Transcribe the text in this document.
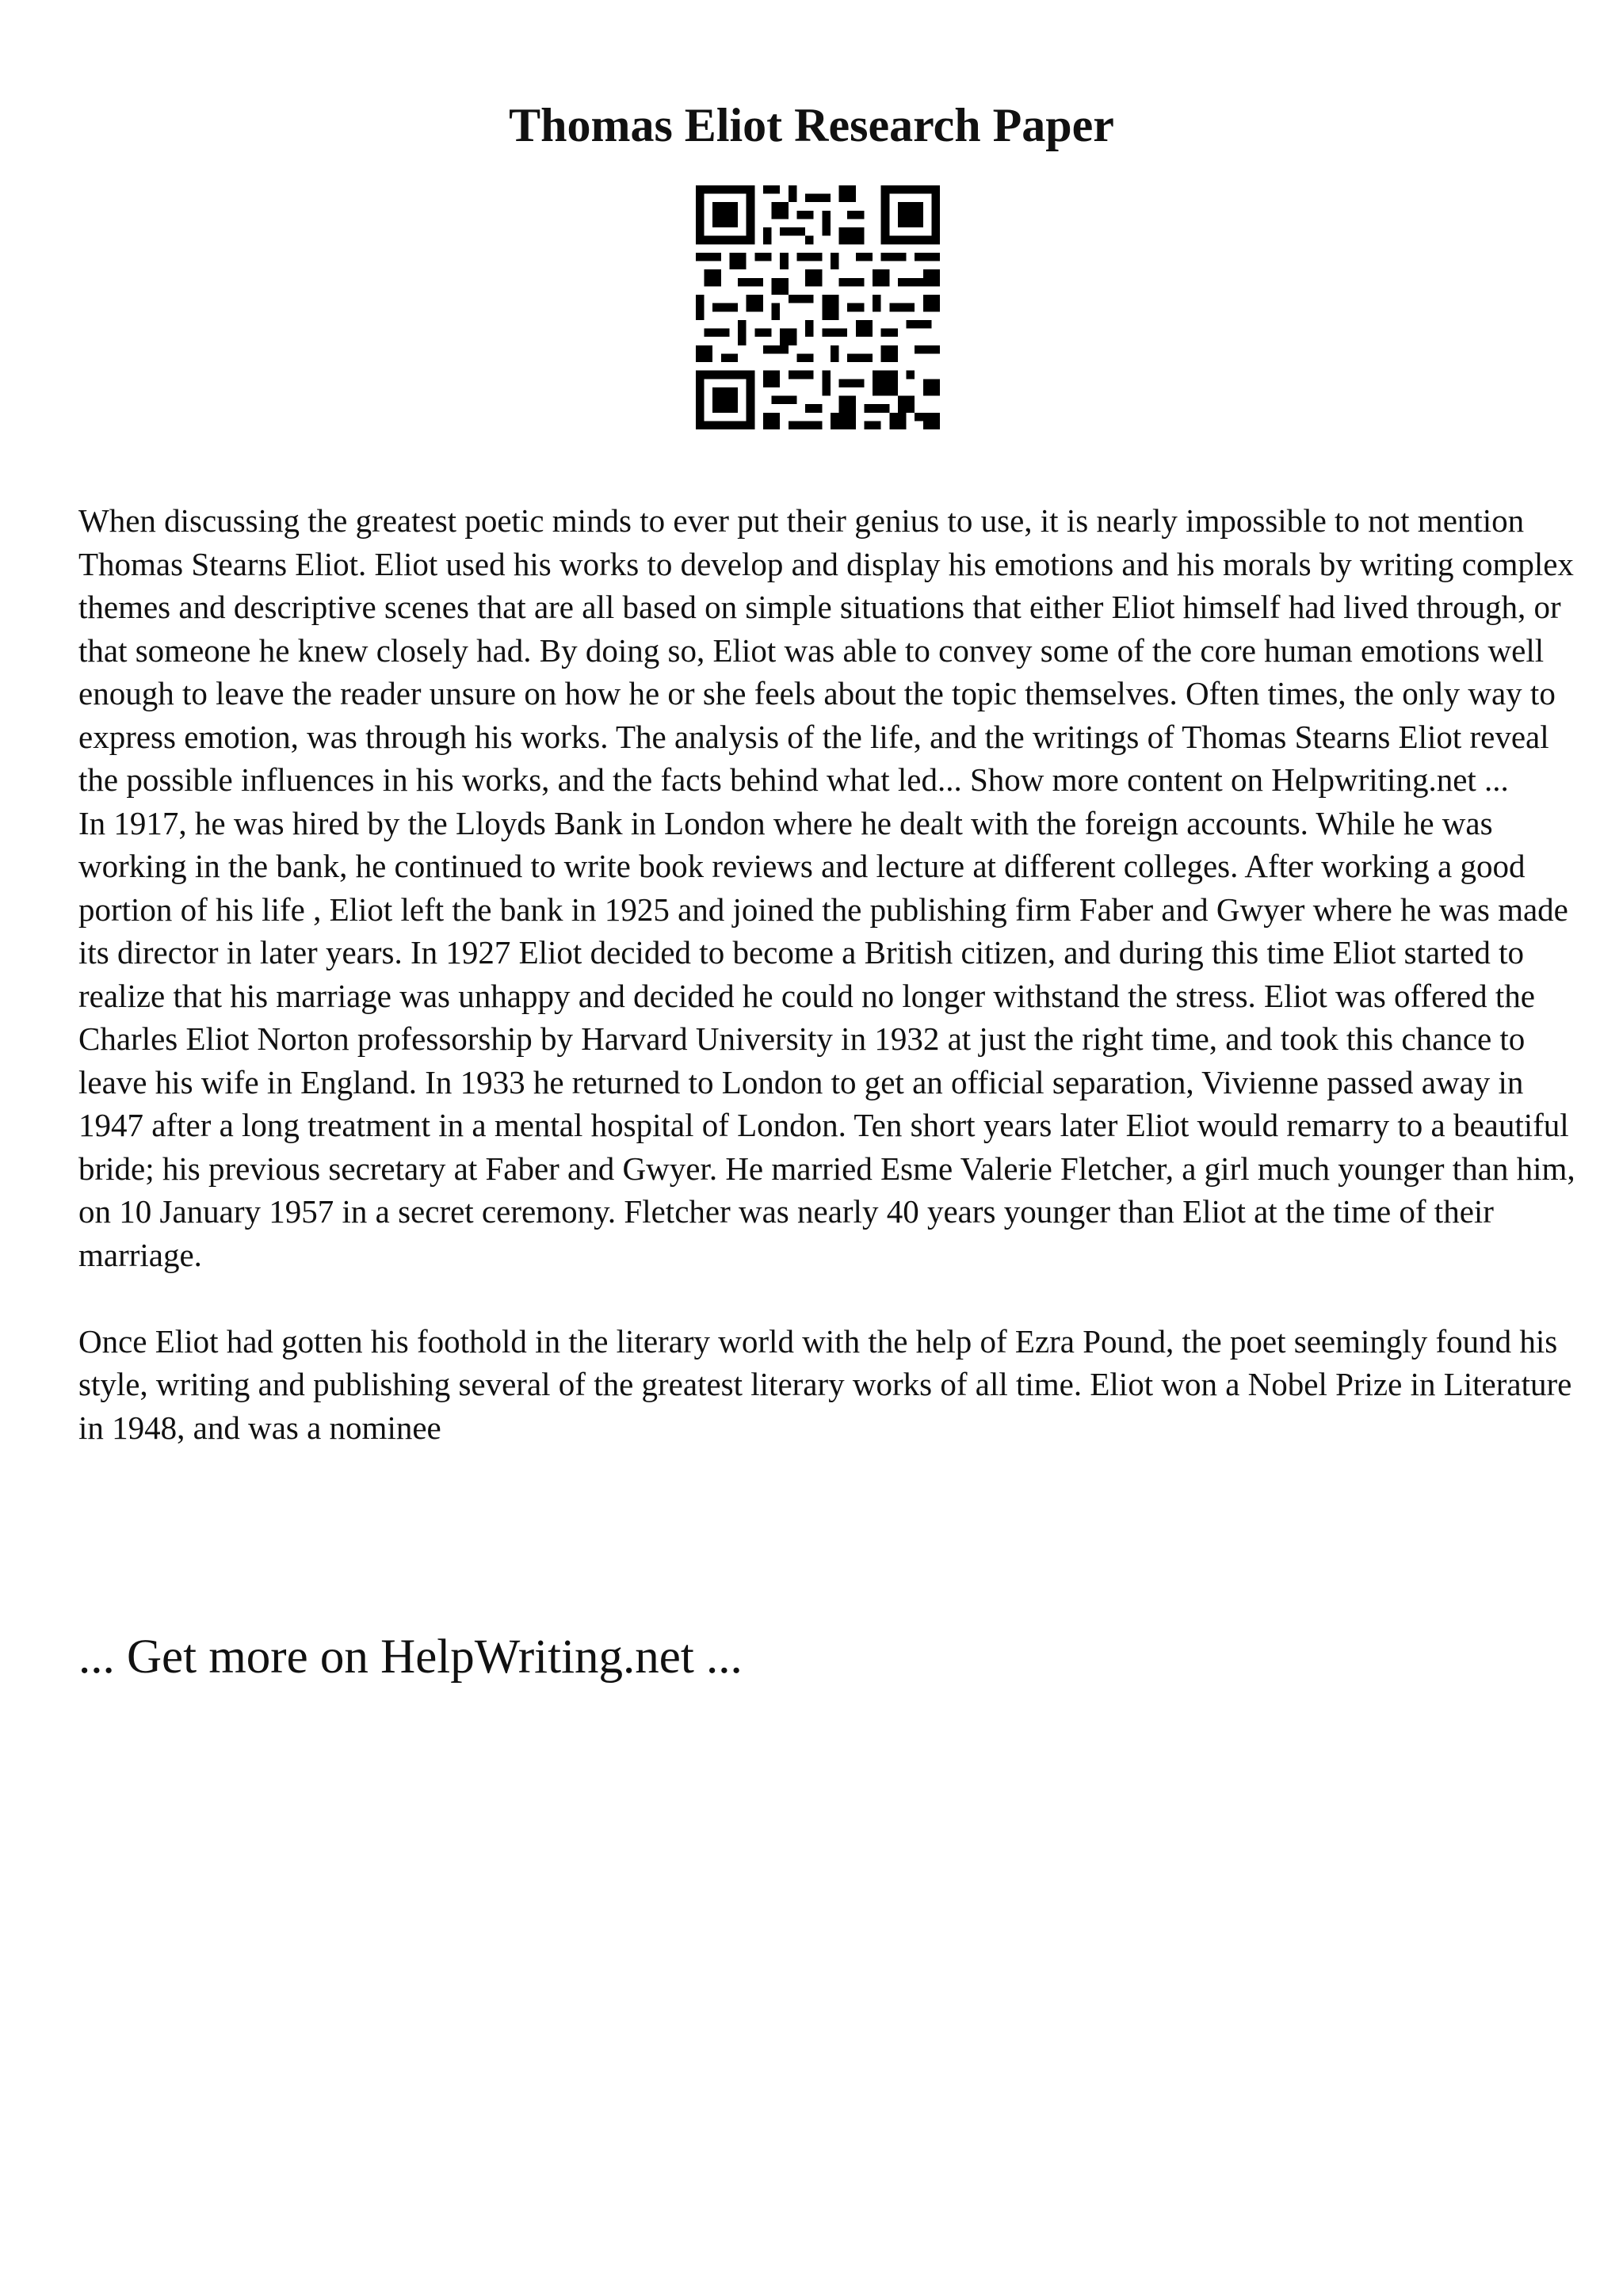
Thomas Eliot Research Paper

When discussing the greatest poetic minds to ever put their genius to use, it is nearly impossible to not mention Thomas Stearns Eliot. Eliot used his works to develop and display his emotions and his morals by writing complex themes and descriptive scenes that are all based on simple situations that either Eliot himself had lived through, or that someone he knew closely had. By doing so, Eliot was able to convey some of the core human emotions well enough to leave the reader unsure on how he or she feels about the topic themselves. Often times, the only way to express emotion, was through his works. The analysis of the life, and the writings of Thomas Stearns Eliot reveal the possible influences in his works, and the facts behind what led... Show more content on Helpwriting.net ...

In 1917, he was hired by the Lloyds Bank in London where he dealt with the foreign accounts. While he was working in the bank, he continued to write book reviews and lecture at different colleges. After working a good portion of his life , Eliot left the bank in 1925 and joined the publishing firm Faber and Gwyer where he was made its director in later years. In 1927 Eliot decided to become a British citizen, and during this time Eliot started to realize that his marriage was unhappy and decided he could no longer withstand the stress. Eliot was offered the Charles Eliot Norton professorship by Harvard University in 1932 at just the right time, and took this chance to leave his wife in England. In 1933 he returned to London to get an official separation, Vivienne passed away in 1947 after a long treatment in a mental hospital of London. Ten short years later Eliot would remarry to a beautiful bride; his previous secretary at Faber and Gwyer. He married Esme Valerie Fletcher, a girl much younger than him, on 10 January 1957 in a secret ceremony. Fletcher was nearly 40 years younger than Eliot at the time of their marriage.

Once Eliot had gotten his foothold in the literary world with the help of Ezra Pound, the poet seemingly found his style, writing and publishing several of the greatest literary works of all time. Eliot won a Nobel Prize in Literature in 1948, and was a nominee

... Get more on HelpWriting.net ...
